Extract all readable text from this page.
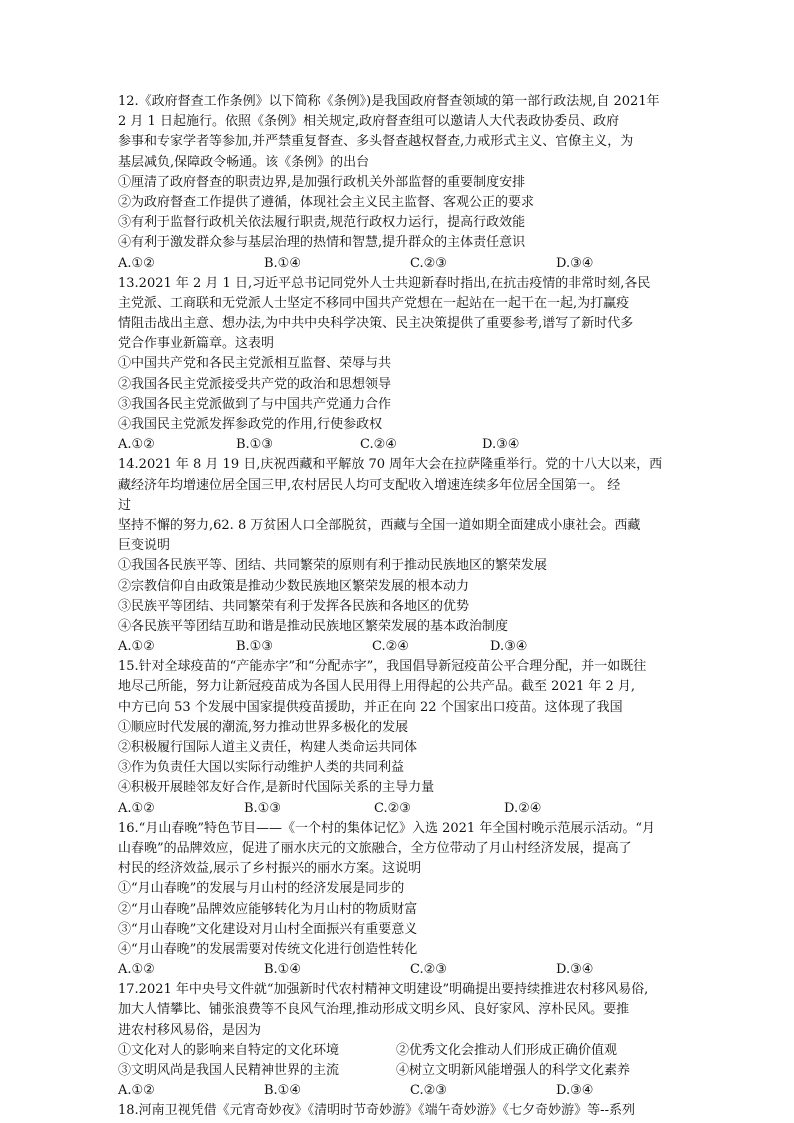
12.《政府督查工作条例》以下简称《条例》)是我国政府督查领域的第一部行政法规,自 2021年
2 月 1 日起施行。依照《条例》相关规定,政府督查组可以邀请人大代表政协委员、政府
参事和专家学者等参加,并严禁重复督查、多头督查越权督查,力戒形式主义、官僚主义，为
基层减负,保障政令畅通。该《条例》的出台
①厘清了政府督查的职责边界,是加强行政机关外部监督的重要制度安排
②为政府督查工作提供了遵循，体现社会主义民主监督、客观公正的要求
③有利于监督行政机关依法履行职责,规范行政权力运行，提高行政效能
④有利于激发群众参与基层治理的热情和智慧,提升群众的主体责任意识
A.①②	B.①④	C.②③	D.③④
13.2021 年 2 月 1 日,习近平总书记同党外人士共迎新春时指出,在抗击疫情的非常时刻,各民
主党派、工商联和无党派人士坚定不移同中国共产党想在一起站在一起干在一起,为打赢疫
情阻击战出主意、想办法,为中共中央科学决策、民主决策提供了重要参考,谱写了新时代多
党合作事业新篇章。这表明
①中国共产党和各民主党派相互监督、荣辱与共
②我国各民主党派接受共产党的政治和思想领导
③我国各民主党派做到了与中国共产党通力合作
④我国民主党派发挥参政党的作用,行使参政权
A.①②	B.①③	C.②④	D.③④
14.2021 年 8 月 19 日,庆祝西藏和平解放 70 周年大会在拉萨隆重举行。党的十八大以来，西
藏经济年均增速位居全国三甲,农村居民人均可支配收入增速连续多年位居全国第一。 经
过
坚持不懈的努力,62. 8 万贫困人口全部脱贫，西藏与全国一道如期全面建成小康社会。西藏
巨变说明
①我国各民族平等、团结、共同繁荣的原则有利于推动民族地区的繁荣发展
②宗教信仰自由政策是推动少数民族地区繁荣发展的根本动力
③民族平等团结、共同繁荣有利于发挥各民族和各地区的优势
④各民族平等团结互助和谐是推动民族地区繁荣发展的基本政治制度
A.①②	B.①③	C.②④	D.③④
15.针对全球疫苗的“产能赤字”和“分配赤字”，我国倡导新冠疫苗公平合理分配，并一如既往
地尽己所能，努力让新冠疫苗成为各国人民用得上用得起的公共产品。截至 2021 年 2 月,
中方已向 53 个发展中国家提供疫苗援助，并正在向 22 个国家出口疫苗。这体现了我国
①顺应时代发展的潮流,努力推动世界多极化的发展
②积极履行国际人道主义责任，构建人类命运共同体
③作为负责任大国以实际行动维护人类的共同利益
④积极开展睦邻友好合作,是新时代国际关系的主导力量
A.①②	B.①③	C.②③	D.②④
16.“月山春晚”特色节目——《一个村的集体记忆》入选 2021 年全国村晚示范展示活动。“月
山春晚”的品牌效应，促进了丽水庆元的文旅融合，全方位带动了月山村经济发展，提高了
村民的经济效益,展示了乡村振兴的丽水方案。这说明
①“月山春晚”的发展与月山村的经济发展是同步的
②“月山春晚”品牌效应能够转化为月山村的物质财富
③“月山春晚”文化建设对月山村全面振兴有重要意义
④“月山春晚”的发展需要对传统文化进行创造性转化
A.①②	B.①④	C.②③	D.③④
17.2021 年中央号文件就“加强新时代农村精神文明建设”明确提出要持续推进农村移风易俗,
加大人情攀比、铺张浪费等不良风气治理,推动形成文明乡风、良好家风、淳朴民风。要推
进农村移风易俗，是因为
①文化对人的影响来自特定的文化环境	②优秀文化会推动人们形成正确价值观
③文明风尚是我国人民精神世界的主流	④树立文明新风能增强人的科学文化素养
A.①②	B.①④	C.②③	D.③④
18.河南卫视凭借《元宵奇妙夜》《清明时节奇妙游》《端午奇妙游》《七夕奇妙游》等--系列
